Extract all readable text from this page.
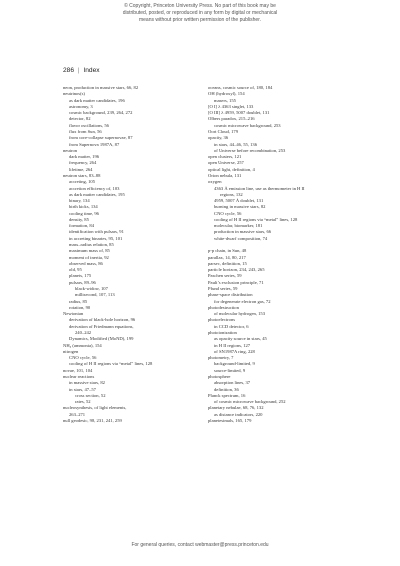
© Copyright, Princeton University Press. No part of this book may be
distributed, posted, or reproduced in any form by digital or mechanical
means without prior written permission of the publisher.
286 | Index
neon, production in massive stars, 66, 82
neutrinos(s)
as dark matter candidates, 196
astronomy, 3
cosmic background, 239, 264, 272
detector, 82
flavor oscillations, 56
flux from Sun, 56
from core-collapse supernovae, 87
from Supernova 1987A, 87
neutron
dark matter, 196
frequency, 264
lifetime, 264
neutron stars, 83–88
accreting, 105
accretion efficiency of, 103
as dark matter candidates, 195
binary, 134
birth kicks, 134
cooling time, 96
density, 85
formation, 84
identification with pulsars, 91
in accreting binaries, 95, 101
mass–radius relation, 85
maximum mass of, 85
moment of inertia, 92
observed mass, 86
old, 95
planets, 175
pulsars, 89–96
black-widow, 107
millisecond, 107, 113
radius, 85
rotation, 90
Newtonian
derivation of black-hole horizon, 96
derivation of Friedmann equations,
240–242
Dynamics, Modified (MoND), 199
NH₃ (ammonia), 154
nitrogen
CNO cycle, 56
cooling of H II regions via “metal” lines, 128
novae, 101, 104
nuclear reactions
in massive stars, 82
in stars, 47–57
cross section, 52
rates, 52
nucleosynthesis, of light elements,
263–271
null geodesic, 98, 231, 241, 259
oceans, cosmic source of, 180, 184
OH (hydroxyl), 154
masers, 155
[O I] λ 4363 singlet, 133
[O III] λ 4959, 5007 doublet, 131
Olbers paradox, 215–216
cosmic microwave background, 253
Oort Cloud, 179
opacity, 36
in stars, 44–46, 55, 136
of Universe before recombination, 253
open clusters, 121
open Universe, 257
optical light, definition, 4
Orion nebula, 131
oxygen
4363 Å emission line, use as thermometer in H II
regions, 132
4959, 5007 Å doublet, 131
burning in massive stars, 82
CNO cycle, 56
cooling of H II regions via “metal” lines, 128
molecular, biomarker, 181
production in massive stars, 66
white-dwarf composition, 74

p-p chain, in Sun, 48
parallax, 14, 80, 217
parsec, definition, 15
particle horizon, 234, 243, 265
Paschen series, 59
Pauli’s exclusion principle, 71
Pfund series, 59
phase-space distribution
for degenerate electron gas, 72
photodestruction
of molecular hydrogen, 153
photoelectrons
in CCD detector, 6
photoionization
as opacity source in stars, 45
in H II regions, 127
of SN1987A ring, 228
photometry, 7
background-limited, 9
source-limited, 9
photosphere
absorption lines, 37
definition, 36
Planck spectrum, 16
of cosmic microwave background, 252
planetary nebulae, 68, 76, 132
as distance indicators, 220
planetesimals, 165, 179
For general queries, contact webmaster@press.princeton.edu
